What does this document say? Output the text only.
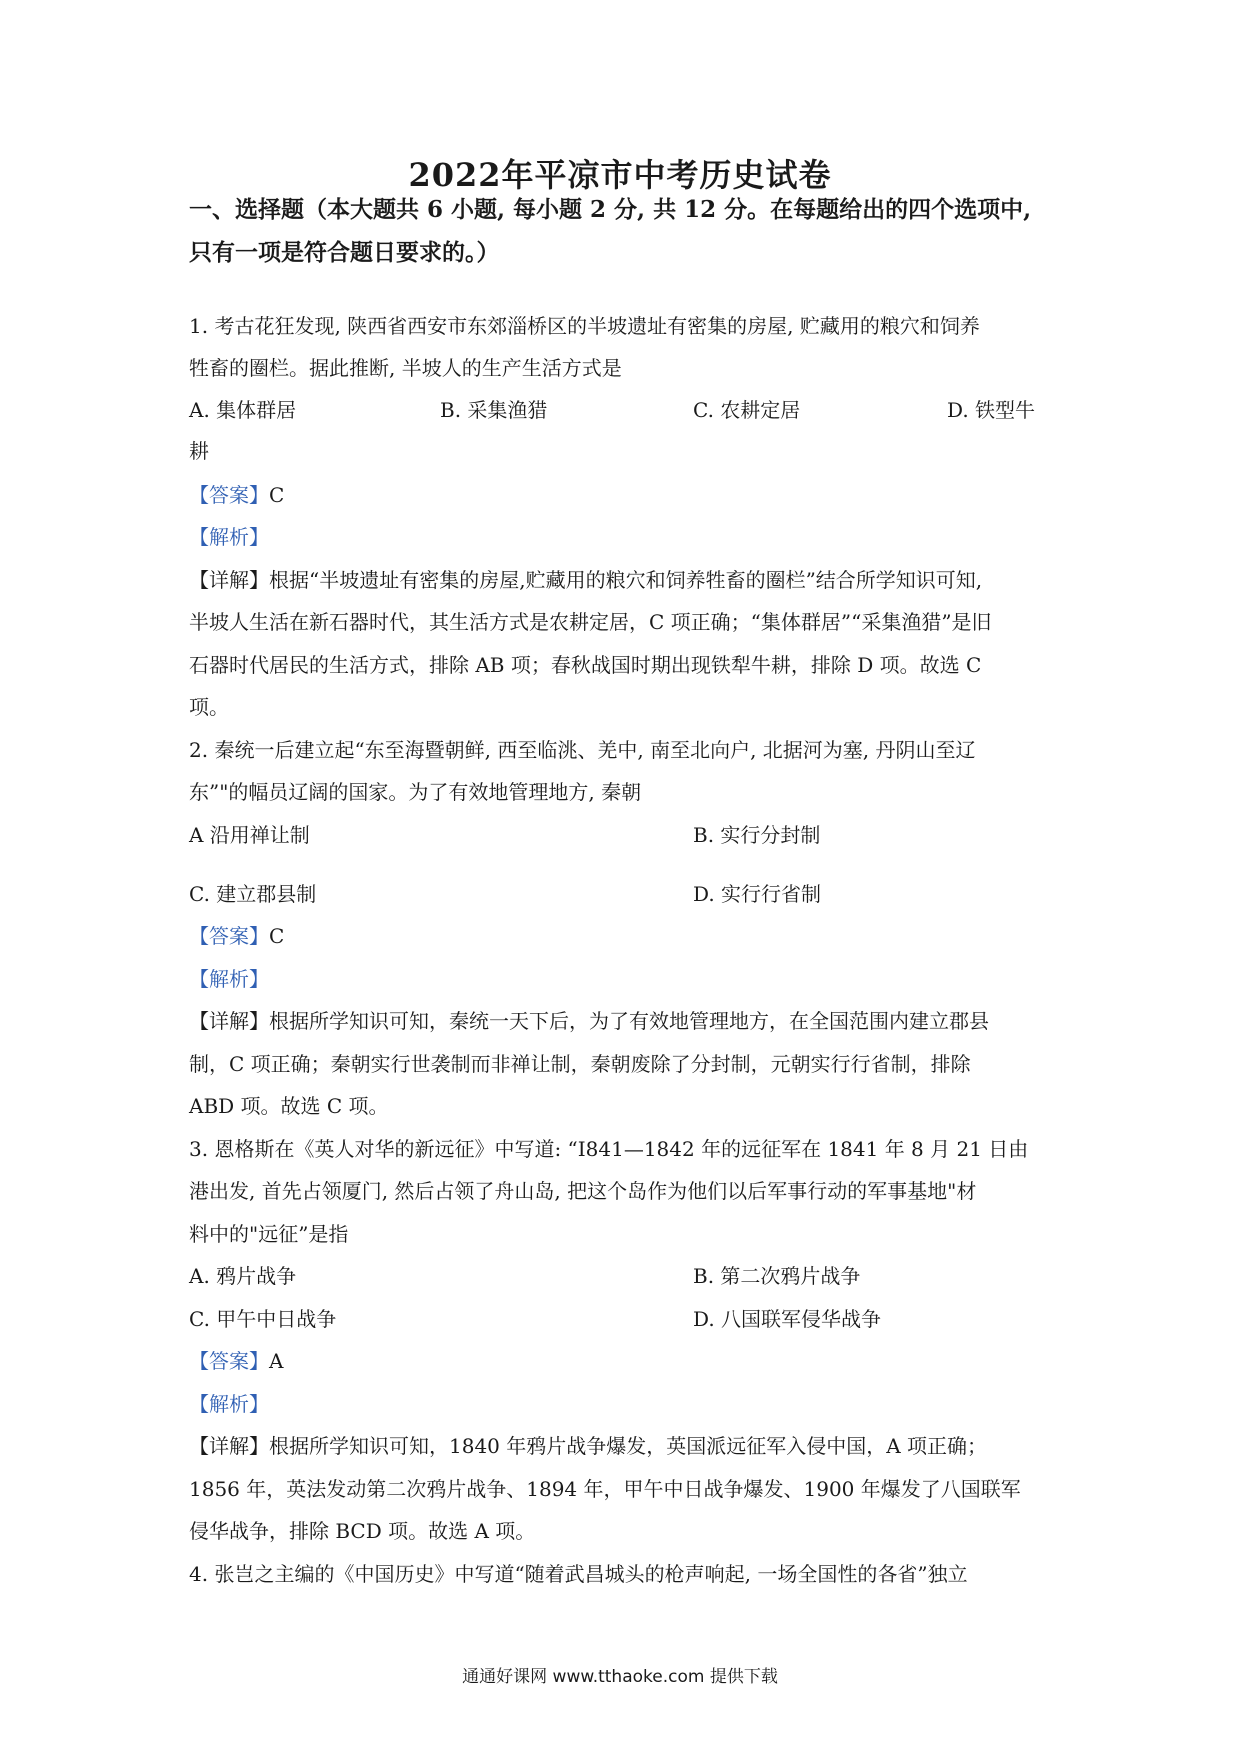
2022年平凉市中考历史试卷
一、选择题（本大题共 6 小题, 每小题 2 分, 共 12 分。在每题给出的四个选项中,
只有一项是符合题日要求的。）
1. 考古花狂发现, 陕西省西安市东郊淄桥区的半坡遗址有密集的房屋, 贮藏用的粮穴和饲养
牲畜的圈栏。据此推断, 半坡人的生产生活方式是
A. 集体群居	B. 采集渔猎	C. 农耕定居	D. 铁型牛
耕
【答案】C
【解析】
【详解】根据“半坡遗址有密集的房屋,贮藏用的粮穴和饲养牲畜的圈栏”结合所学知识可知,
半坡人生活在新石器时代，其生活方式是农耕定居，C 项正确；“集体群居”“采集渔猎”是旧
石器时代居民的生活方式，排除 AB 项；春秋战国时期出现铁犁牛耕，排除 D 项。故选 C
项。
2. 秦统一后建立起“东至海暨朝鲜, 西至临洮、羌中, 南至北向户, 北据河为塞, 丹阴山至辽
东”"的幅员辽阔的国家。为了有效地管理地方, 秦朝
A 沿用禅让制	B. 实行分封制
C. 建立郡县制	D. 实行行省制
【答案】C
【解析】
【详解】根据所学知识可知，秦统一天下后，为了有效地管理地方，在全国范围内建立郡县
制，C 项正确；秦朝实行世袭制而非禅让制，秦朝废除了分封制，元朝实行行省制，排除
ABD 项。故选 C 项。
3. 恩格斯在《英人对华的新远征》中写道: “I841—1842 年的远征军在 1841 年 8 月 21 日由
港出发, 首先占领厦门, 然后占领了舟山岛, 把这个岛作为他们以后军事行动的军事基地"材
料中的"远征”是指
A. 鸦片战争	B. 第二次鸦片战争
C. 甲午中日战争	D. 八国联军侵华战争
【答案】A
【解析】
【详解】根据所学知识可知，1840 年鸦片战争爆发，英国派远征军入侵中国，A 项正确；
1856 年，英法发动第二次鸦片战争、1894 年，甲午中日战争爆发、1900 年爆发了八国联军
侵华战争，排除 BCD 项。故选 A 项。
4. 张岂之主编的《中国历史》中写道“随着武昌城头的枪声响起, 一场全国性的各省”独立
通通好课网 www.tthaoke.com 提供下载
